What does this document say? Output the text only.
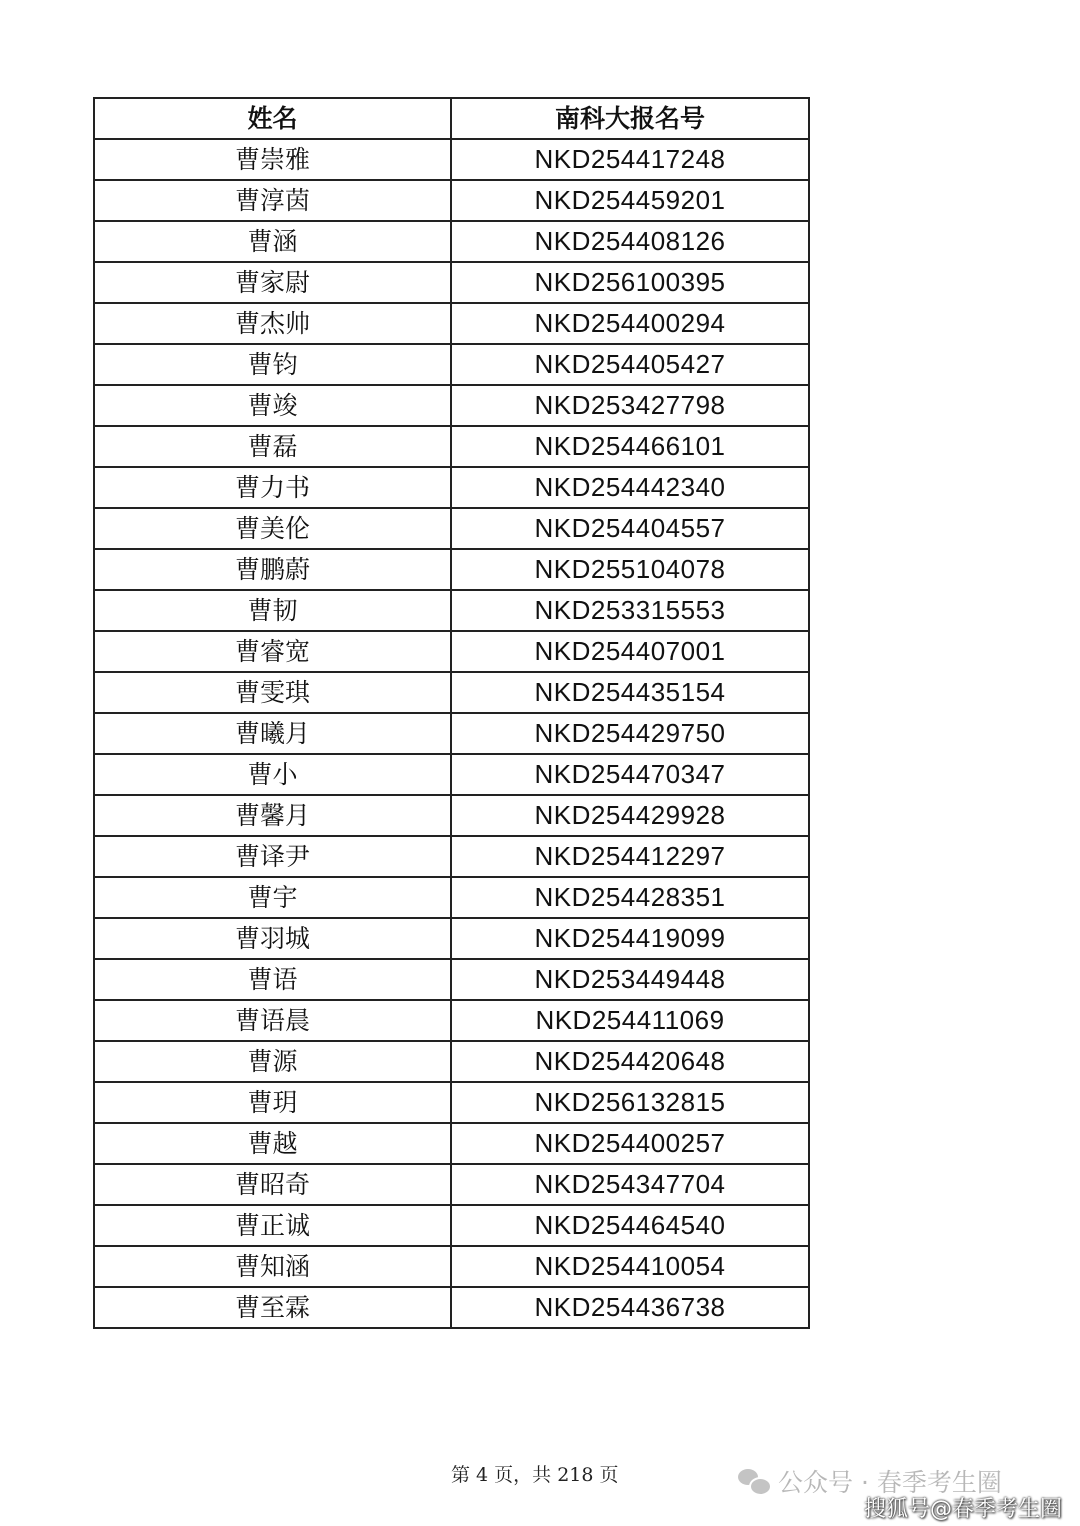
姓名	南科大报名号
曹崇雅	NKD254417248
曹淳茵	NKD254459201
曹涵	NKD254408126
曹家尉	NKD256100395
曹杰帅	NKD254400294
曹钧	NKD254405427
曹竣	NKD253427798
曹磊	NKD254466101
曹力书	NKD254442340
曹美伦	NKD254404557
曹鹏蔚	NKD255104078
曹韧	NKD253315553
曹睿宽	NKD254407001
曹雯琪	NKD254435154
曹曦月	NKD254429750
曹小	NKD254470347
曹馨月	NKD254429928
曹译尹	NKD254412297
曹宇	NKD254428351
曹羽城	NKD254419099
曹语	NKD253449448
曹语晨	NKD254411069
曹源	NKD254420648
曹玥	NKD256132815
曹越	NKD254400257
曹昭奇	NKD254347704
曹正诚	NKD254464540
曹知涵	NKD254410054
曹至霖	NKD254436738
第 4 页，共 218 页	公众号 · 春季考生圈
搜狐号@春季考生圈
